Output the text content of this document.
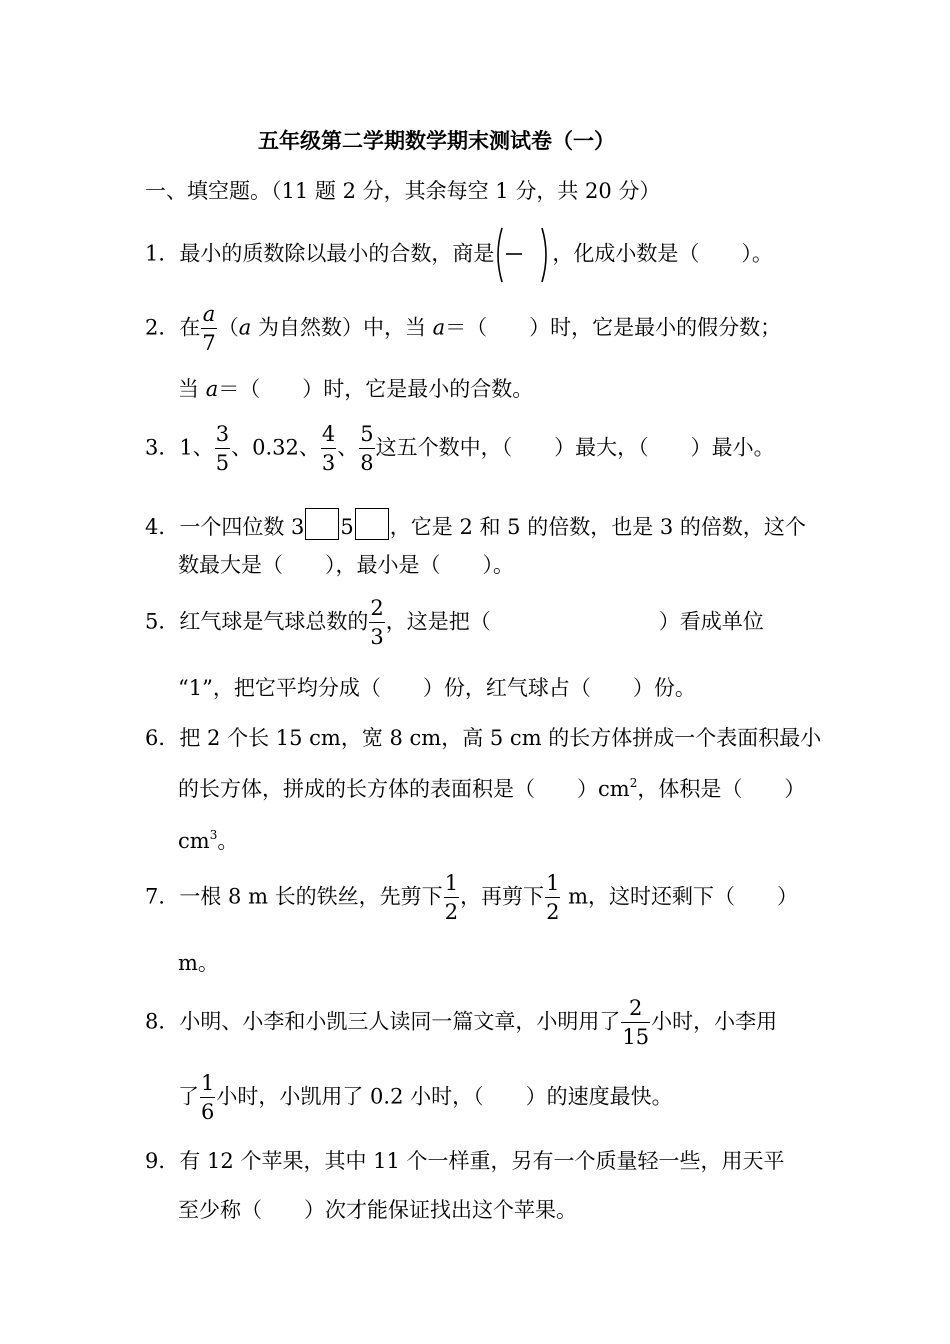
五年级第二学期数学期末测试卷（一）
一、填空题。（11 题 2 分，其余每空 1 分，共 20 分）
1．最小的质数除以最小的合数，商是	，化成小数是（　　）。
2．在 $\frac{a}{7} (a$ 为自然数）中，当 a＝（　　）时，它是最小的假分数；
当 a＝（　　）时，它是最小的合数。
3．1、 $\frac{3}{5}$ 、0.32、 $\frac{4}{3}$ 、 $\frac{5}{8}$ 这五个数中，（　　）最大，（　　）最小。
4．一个四位数 3 5 ，它是 2 和 5 的倍数，也是 3 的倍数，这个
数最大是（　　），最小是（　　）。
5．红气球是气球总数的 $\frac{2}{3}$ ，这是把（　　　　　　　　）看成单位
“1”，把它平均分成（　　）份，红气球占（　　）份。
6．把 2 个长 15 cm，宽 8 cm，高 5 cm 的长方体拼成一个表面积最小
的长方体，拼成的长方体的表面积是（　　）$cm^2$，体积是（　　）
$cm^3$。
7．一根 8 m 长的铁丝，先剪下 $\frac{1}{2}$ ，再剪下 $\frac{1}{2}$ m，这时还剩下（　　）
m。
8．小明、小李和小凯三人读同一篇文章，小明用了 $\frac{2}{15}$ 小时，小李用
了 $\frac{1}{6}$ 小时，小凯用了 0.2 小时，（　　）的速度最快。
9．有 12 个苹果，其中 11 个一样重，另有一个质量轻一些，用天平
至少称（　　）次才能保证找出这个苹果。
